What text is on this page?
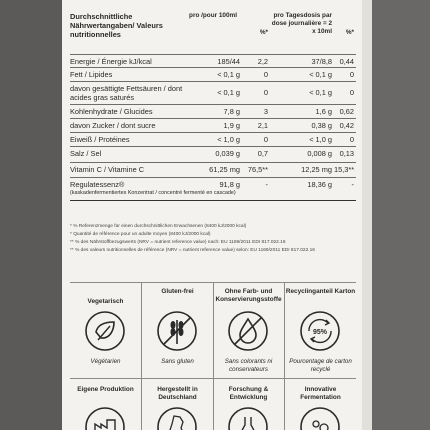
Durchschnittliche Nährwertangaben/ Valeurs nutritionnelles
pro /pour 100ml
%*
pro Tagesdosis par dose journalière = 2 x 10ml	%*
Energie / Énergie kJ/kcal	185/44	2,2	37/8,8	0,44
Fett / Lipides	< 0,1 g	0	< 0,1 g	0
davon gesättigte Fettsäuren / dont acides gras saturés
< 0,1 g	0	< 0,1 g	0
Kohlenhydrate / Glucides	7,8 g	3	1,6 g	0,62
davon Zucker / dont sucre	1,9 g	2,1	0,38 g	0,42
Eiweiß / Protéines	< 1,0 g	0	< 1,0 g	0
Salz / Sel	0,039 g	0,7	0,008 g	0,13
Vitamin C / Vitamine C	61,25 mg 76,5**	12,25 mg 15,3**
Regulatessenz®	91,8 g	-	18,36 g	-
(kaskadenfermentiertes Konzentrat / concentré fermenté en cascade)
* % Referenzmenge für einen durchschnittlichen Erwachsenen (8400 kJ/2000 kcal)
* Quantité de référence pour un adulte moyen (8400 kJ/2000 kcal)
** % des Nährstoffbezugswerts (NRV = nutrient reference value) nach: EU 1169/2011 EDI 817.022.16
** % des valeurs nutritionnelles de référence (NRV = nutrient reference value) selon: EU 1169/2011 EDI 817.022.16
Vegetarisch
Végétarien
Gluten-frei
Sans gluten
Ohne Farb- und Konservierungsstoffe
Sans colorants ni conservateurs
Recyclinganteil Karton
95%
Pourcentage de carton recyclé
Eigene Produktion	Hergestellt in Deutschland
Forschung & Entwicklung
Innovative Fermentation
